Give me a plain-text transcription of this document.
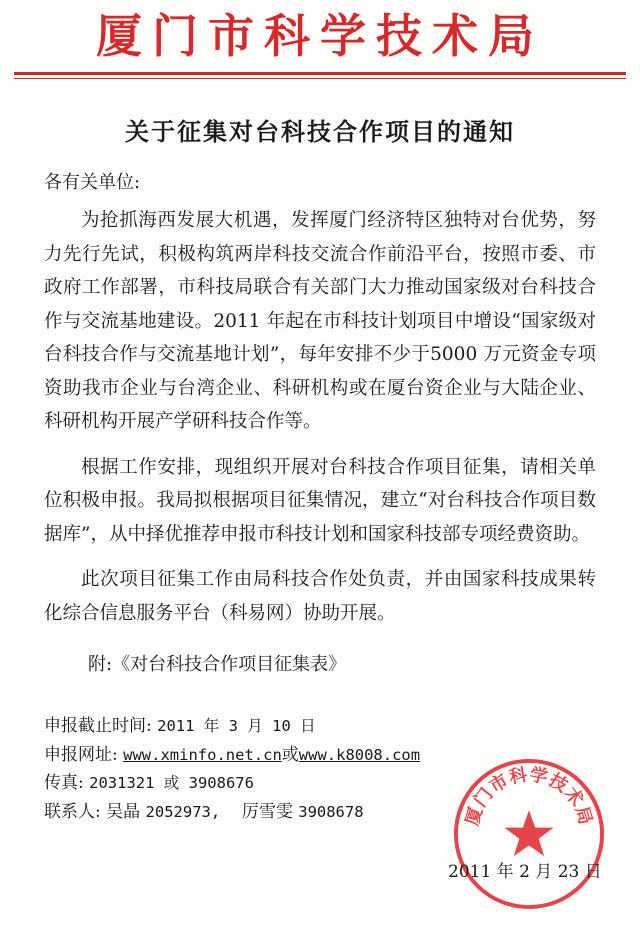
厦门市科学技术局
关于征集对台科技合作项目的通知
各有关单位:

为抢抓海西发展大机遇，发挥厦门经济特区独特对台优势，努力先行先试，积极构筑两岸科技交流合作前沿平台，按照市委、市政府工作部署，市科技局联合有关部门大力推动国家级对台科技合作与交流基地建设。2011 年起在市科技计划项目中增设“国家级对台科技合作与交流基地计划”，每年安排不少于5000 万元资金专项资助我市企业与台湾企业、科研机构或在厦台资企业与大陆企业、科研机构开展产学研科技合作等。

根据工作安排，现组织开展对台科技合作项目征集，请相关单位积极申报。我局拟根据项目征集情况，建立“对台科技合作项目数据库”，从中择优推荐申报市科技计划和国家科技部专项经费资助。

此次项目征集工作由局科技合作处负责，并由国家科技成果转化综合信息服务平台（科易网）协助开展。

附:《对台科技合作项目征集表》
申报截止时间: 2011 年 3 月 10 日
申报网址: www.xminfo.net.cn或www.k8008.com
传真: 2031321 或 3908676
联系人: 吴晶 2052973, 厉雪雯 3908678	厦门市科学技术局
2011 年 2 月 23 日
